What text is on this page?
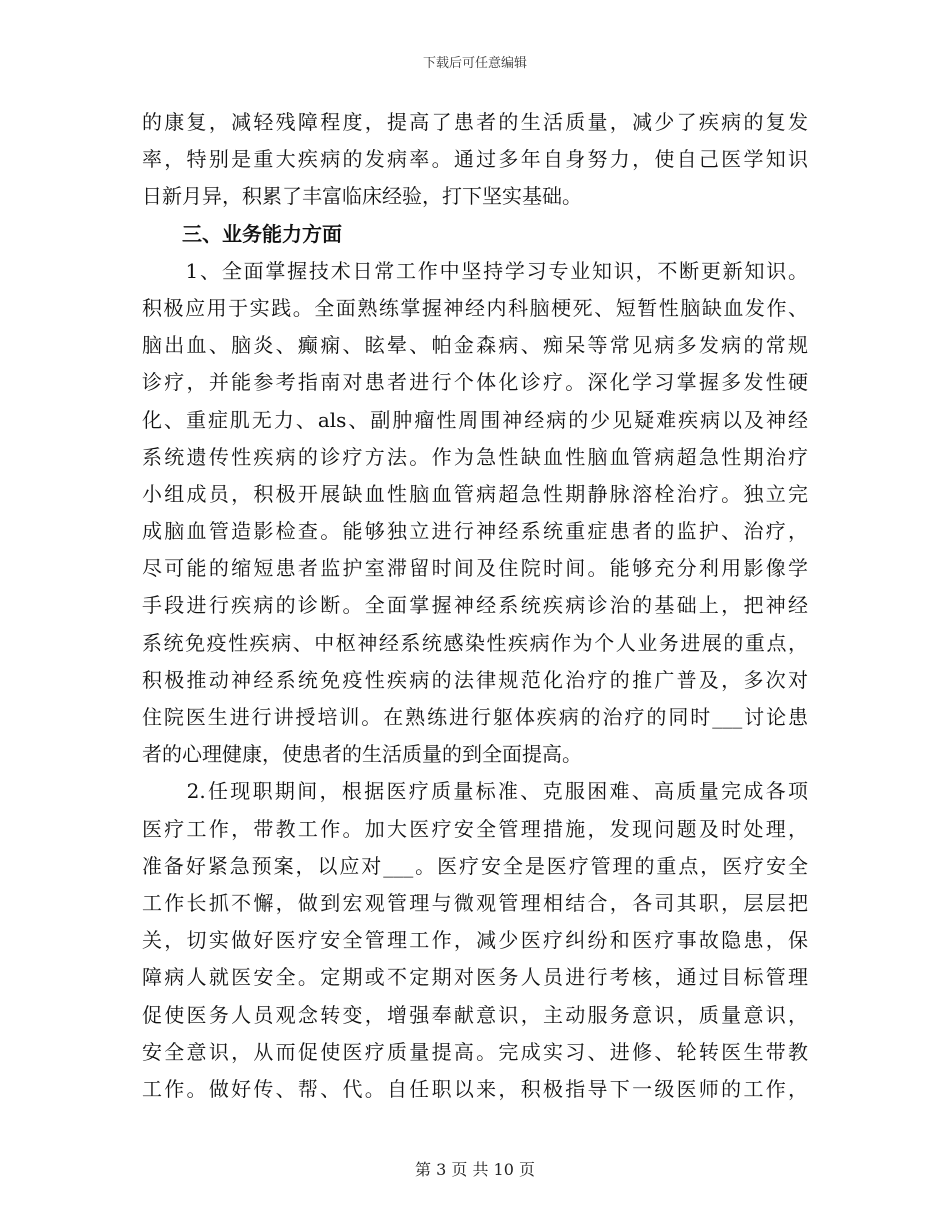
下载后可任意编辑
的康复，减轻残障程度，提高了患者的生活质量，减少了疾病的复发
率，特别是重大疾病的发病率。通过多年自身努力，使自己医学知识
日新月异，积累了丰富临床经验，打下坚实基础。
　　三、业务能力方面
　　1、全面掌握技术日常工作中坚持学习专业知识，不断更新知识。
积极应用于实践。全面熟练掌握神经内科脑梗死、短暂性脑缺血发作、
脑出血、脑炎、癫痫、眩晕、帕金森病、痴呆等常见病多发病的常规
诊疗，并能参考指南对患者进行个体化诊疗。深化学习掌握多发性硬
化、重症肌无力、als、副肿瘤性周围神经病的少见疑难疾病以及神经
系统遗传性疾病的诊疗方法。作为急性缺血性脑血管病超急性期治疗
小组成员，积极开展缺血性脑血管病超急性期静脉溶栓治疗。独立完
成脑血管造影检查。能够独立进行神经系统重症患者的监护、治疗，
尽可能的缩短患者监护室滞留时间及住院时间。能够充分利用影像学
手段进行疾病的诊断。全面掌握神经系统疾病诊治的基础上，把神经
系统免疫性疾病、中枢神经系统感染性疾病作为个人业务进展的重点，
积极推动神经系统免疫性疾病的法律规范化治疗的推广普及，多次对
住院医生进行讲授培训。在熟练进行躯体疾病的治疗的同时___讨论患
者的心理健康，使患者的生活质量的到全面提高。
　　2.任现职期间，根据医疗质量标准、克服困难、高质量完成各项
医疗工作，带教工作。加大医疗安全管理措施，发现问题及时处理，
准备好紧急预案，以应对___。医疗安全是医疗管理的重点，医疗安全
工作长抓不懈，做到宏观管理与微观管理相结合，各司其职，层层把
关，切实做好医疗安全管理工作，减少医疗纠纷和医疗事故隐患，保
障病人就医安全。定期或不定期对医务人员进行考核，通过目标管理
促使医务人员观念转变，增强奉献意识，主动服务意识，质量意识，
安全意识，从而促使医疗质量提高。完成实习、进修、轮转医生带教
工作。做好传、帮、代。自任职以来，积极指导下一级医师的工作，
第 3 页 共 10 页
